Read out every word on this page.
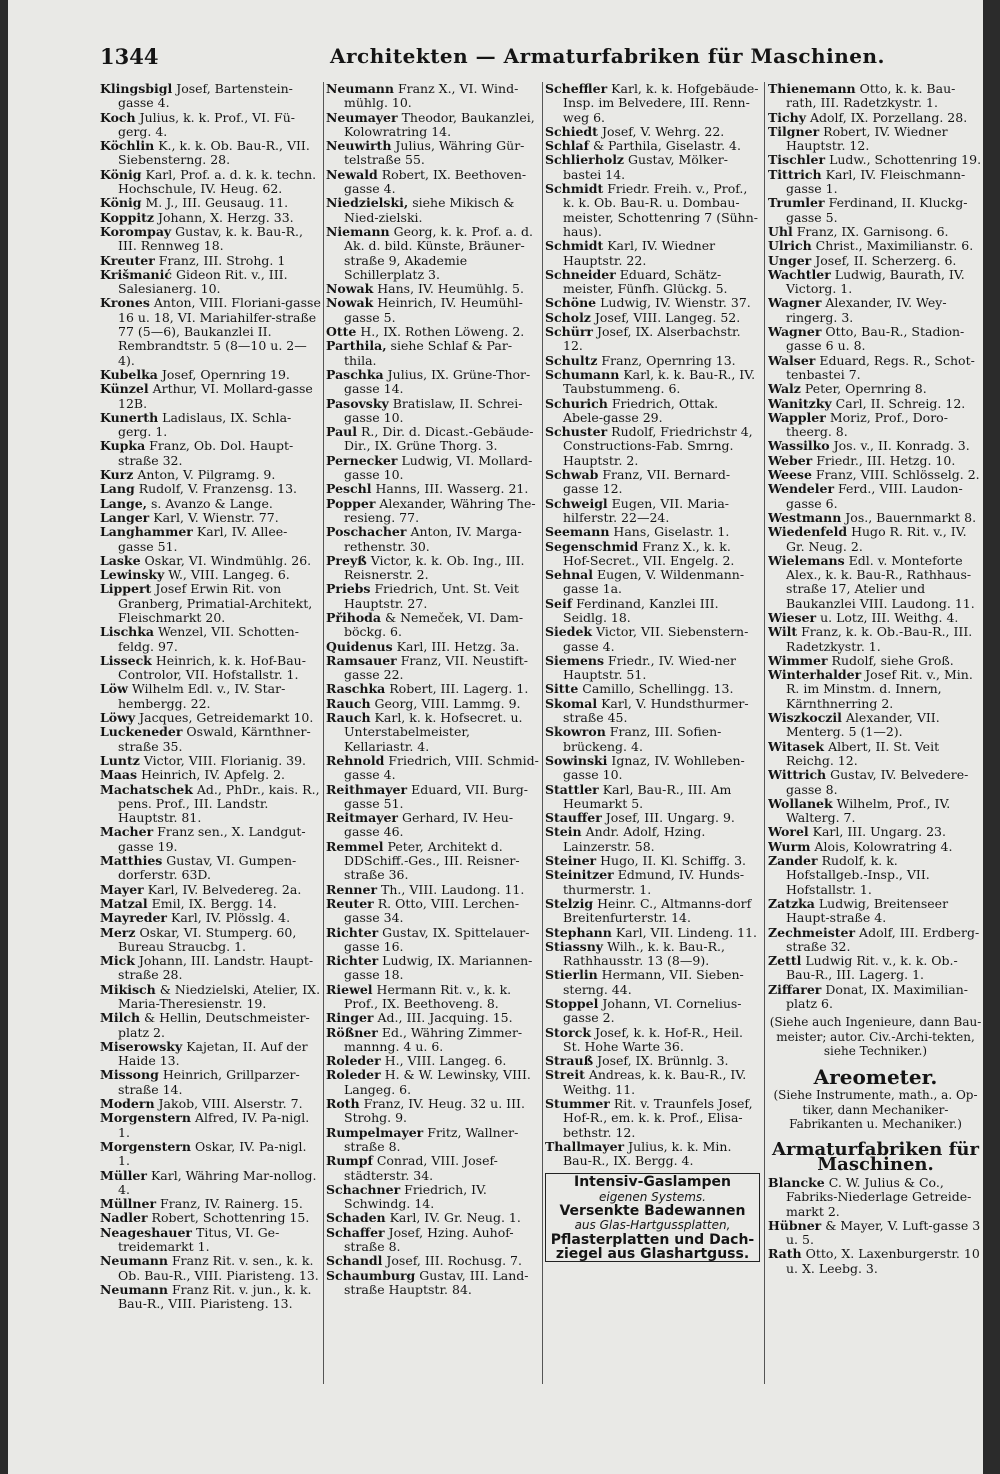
1344	Architekten — Armaturfabriken für Maschinen.

Klingsbigl Josef, Bartenstein-gasse 4.

Koch Julius, k. k. Prof., VI. Fü-gerg. 4.

Köchlin K., k. k. Ob. Bau-R., VII. Siebensterng. 28.

König Karl, Prof. a. d. k. k. techn. Hochschule, IV. Heug. 62.

König M. J., III. Geusaug. 11.

Koppitz Johann, X. Herzg. 33.

Korompay Gustav, k. k. Bau-R., III. Rennweg 18.

Kreuter Franz, III. Strohg. 1

Krišmanić Gideon Rit. v., III. Salesianerg. 10.

Krones Anton, VIII. Floriani-gasse 16 u. 18, VI. Mariahilfer-straße 77 (5—6), Baukanzlei II. Rembrandtstr. 5 (8—10 u. 2—4).

Kubelka Josef, Opernring 19.

Künzel Arthur, VI. Mollard-gasse 12B.

Kunerth Ladislaus, IX. Schla-gerg. 1.

Kupka Franz, Ob. Dol. Haupt-straße 32.

Kurz Anton, V. Pilgramg. 9.

Lang Rudolf, V. Franzensg. 13.

Lange, s. Avanzo & Lange.

Langer Karl, V. Wienstr. 77.

Langhammer Karl, IV. Allee-gasse 51.

Laske Oskar, VI. Windmühlg. 26.

Lewinsky W., VIII. Langeg. 6.

Lippert Josef Erwin Rit. von Granberg, Primatial-Architekt, Fleischmarkt 20.

Lischka Wenzel, VII. Schotten-feldg. 97.

Lisseck Heinrich, k. k. Hof-Bau-Controlor, VII. Hofstallstr. 1.

Löw Wilhelm Edl. v., IV. Star-hembergg. 22.

Löwy Jacques, Getreidemarkt 10.

Luckeneder Oswald, Kärnthner-straße 35.

Luntz Victor, VIII. Florianig. 39.

Maas Heinrich, IV. Apfelg. 2.

Machatschek Ad., PhDr., kais. R., pens. Prof., III. Landstr. Hauptstr. 81.

Macher Franz sen., X. Landgut-gasse 19.

Matthies Gustav, VI. Gumpen-dorferstr. 63D.

Mayer Karl, IV. Belvedereg. 2a.

Matzal Emil, IX. Bergg. 14.

Mayreder Karl, IV. Plösslg. 4.

Merz Oskar, VI. Stumperg. 60, Bureau Straucbg. 1.

Mick Johann, III. Landstr. Haupt-straße 28.

Mikisch & Niedzielski, Atelier, IX. Maria-Theresienstr. 19.

Milch & Hellin, Deutschmeister-platz 2.

Miserowsky Kajetan, II. Auf der Haide 13.

Missong Heinrich, Grillparzer-straße 14.

Modern Jakob, VIII. Alserstr. 7.

Morgenstern Alfred, IV. Pa-nigl. 1.

Morgenstern Oskar, IV. Pa-nigl. 1.

Müller Karl, Währing Mar-nollog. 4.

Müllner Franz, IV. Rainerg. 15.

Nadler Robert, Schottenring 15.

Neageshauer Titus, VI. Ge-treidemarkt 1.

Neumann Franz Rit. v. sen., k. k. Ob. Bau-R., VIII. Piaristeng. 13.

Neumann Franz Rit. v. jun., k. k. Bau-R., VIII. Piaristeng. 13.

Neumann Franz X., VI. Wind-mühlg. 10.

Neumayer Theodor, Baukanzlei, Kolowratring 14.

Neuwirth Julius, Währing Gür-telstraße 55.

Newald Robert, IX. Beethoven-gasse 4.

Niedzielski, siehe Mikisch & Nied-zielski.

Niemann Georg, k. k. Prof. a. d. Ak. d. bild. Künste, Bräuner-straße 9, Akademie Schillerplatz 3.

Nowak Hans, IV. Heumühlg. 5.

Nowak Heinrich, IV. Heumühl-gasse 5.

Otte H., IX. Rothen Löweng. 2.

Parthila, siehe Schlaf & Par-thila.

Paschka Julius, IX. Grüne-Thor-gasse 14.

Pasovsky Bratislaw, II. Schrei-gasse 10.

Paul R., Dir. d. Dicast.-Gebäude-Dir., IX. Grüne Thorg. 3.

Pernecker Ludwig, VI. Mollard-gasse 10.

Peschl Hanns, III. Wasserg. 21.

Popper Alexander, Währing The-resieng. 77.

Poschacher Anton, IV. Marga-rethenstr. 30.

Preyß Victor, k. k. Ob. Ing., III. Reisnerstr. 2.

Priebs Friedrich, Unt. St. Veit Hauptstr. 27.

Přihoda & Nemeček, VI. Dam-böckg. 6.

Quidenus Karl, III. Hetzg. 3a.

Ramsauer Franz, VII. Neustift-gasse 22.

Raschka Robert, III. Lagerg. 1.

Rauch Georg, VIII. Lammg. 9.

Rauch Karl, k. k. Hofsecret. u. Unterstabelmeister, Kellariastr. 4.

Rehnold Friedrich, VIII. Schmid-gasse 4.

Reithmayer Eduard, VII. Burg-gasse 51.

Reitmayer Gerhard, IV. Heu-gasse 46.

Remmel Peter, Architekt d. DDSchiff.-Ges., III. Reisner-straße 36.

Renner Th., VIII. Laudong. 11.

Reuter R. Otto, VIII. Lerchen-gasse 34.

Richter Gustav, IX. Spittelauer-gasse 16.

Richter Ludwig, IX. Mariannen-gasse 18.

Riewel Hermann Rit. v., k. k. Prof., IX. Beethoveng. 8.

Ringer Ad., III. Jacquing. 15.

Rößner Ed., Währing Zimmer-mannng. 4 u. 6.

Roleder H., VIII. Langeg. 6.

Roleder H. & W. Lewinsky, VIII. Langeg. 6.

Roth Franz, IV. Heug. 32 u. III. Strohg. 9.

Rumpelmayer Fritz, Wallner-straße 8.

Rumpf Conrad, VIII. Josef-städterstr. 34.

Schachner Friedrich, IV. Schwindg. 14.

Schaden Karl, IV. Gr. Neug. 1.

Schaffer Josef, Hzing. Auhof-straße 8.

Schandl Josef, III. Rochusg. 7.

Schaumburg Gustav, III. Land-straße Hauptstr. 84.

Scheffler Karl, k. k. Hofgebäude-Insp. im Belvedere, III. Renn-weg 6.

Schiedt Josef, V. Wehrg. 22.

Schlaf & Parthila, Giselastr. 4.

Schlierholz Gustav, Mölker-bastei 14.

Schmidt Friedr. Freih. v., Prof., k. k. Ob. Bau-R. u. Dombau-meister, Schottenring 7 (Sühn-haus).

Schmidt Karl, IV. Wiedner Hauptstr. 22.

Schneider Eduard, Schätz-meister, Fünfh. Glückg. 5.

Schöne Ludwig, IV. Wienstr. 37.

Scholz Josef, VIII. Langeg. 52.

Schürr Josef, IX. Alserbachstr. 12.

Schultz Franz, Opernring 13.

Schumann Karl, k. k. Bau-R., IV. Taubstummeng. 6.

Schurich Friedrich, Ottak. Abele-gasse 29.

Schuster Rudolf, Friedrichstr 4, Constructions-Fab. Smrng. Hauptstr. 2.

Schwab Franz, VII. Bernard-gasse 12.

Schweigl Eugen, VII. Maria-hilferstr. 22—24.

Seemann Hans, Giselastr. 1.

Segenschmid Franz X., k. k. Hof-Secret., VII. Engelg. 2.

Sehnal Eugen, V. Wildenmann-gasse 1a.

Seif Ferdinand, Kanzlei III. Seidlg. 18.

Siedek Victor, VII. Siebenstern-gasse 4.

Siemens Friedr., IV. Wied-ner Hauptstr. 51.

Sitte Camillo, Schellingg. 13.

Skomal Karl, V. Hundsthurmer-straße 45.

Skowron Franz, III. Sofien-brückeng. 4.

Sowinski Ignaz, IV. Wohlleben-gasse 10.

Stattler Karl, Bau-R., III. Am Heumarkt 5.

Stauffer Josef, III. Ungarg. 9.

Stein Andr. Adolf, Hzing. Lainzerstr. 58.

Steiner Hugo, II. Kl. Schiffg. 3.

Steinitzer Edmund, IV. Hunds-thurmerstr. 1.

Stelzig Heinr. C., Altmanns-dorf Breitenfurterstr. 14.

Stephann Karl, VII. Lindeng. 11.

Stiassny Wilh., k. k. Bau-R., Rathhausstr. 13 (8—9).

Stierlin Hermann, VII. Sieben-sterng. 44.

Stoppel Johann, VI. Cornelius-gasse 2.

Storck Josef, k. k. Hof-R., Heil. St. Hohe Warte 36.

Strauß Josef, IX. Brünnlg. 3.

Streit Andreas, k. k. Bau-R., IV. Weithg. 11.

Stummer Rit. v. Traunfels Josef, Hof-R., em. k. k. Prof., Elisa-bethstr. 12.

Thallmayer Julius, k. k. Min. Bau-R., IX. Bergg. 4.

Intensiv-Gaslampen
eigenen Systems.
Versenkte Badewannen
aus Glas-Hartgussplatten,
Pflasterplatten und Dach-
ziegel aus Glashartguss.

Thienemann Otto, k. k. Bau-rath, III. Radetzkystr. 1.

Tichy Adolf, IX. Porzellang. 28.

Tilgner Robert, IV. Wiedner Hauptstr. 12.

Tischler Ludw., Schottenring 19.

Tittrich Karl, IV. Fleischmann-gasse 1.

Trumler Ferdinand, II. Kluckg-gasse 5.

Uhl Franz, IX. Garnisong. 6.

Ulrich Christ., Maximilianstr. 6.

Unger Josef, II. Scherzerg. 6.

Wachtler Ludwig, Baurath, IV. Victorg. 1.

Wagner Alexander, IV. Wey-ringerg. 3.

Wagner Otto, Bau-R., Stadion-gasse 6 u. 8.

Walser Eduard, Regs. R., Schot-tenbastei 7.

Walz Peter, Opernring 8.

Wanitzky Carl, II. Schreig. 12.

Wappler Moriz, Prof., Doro-theerg. 8.

Wassilko Jos. v., II. Konradg. 3.

Weber Friedr., III. Hetzg. 10.

Weese Franz, VIII. Schlösselg. 2.

Wendeler Ferd., VIII. Laudon-gasse 6.

Westmann Jos., Bauernmarkt 8.

Wiedenfeld Hugo R. Rit. v., IV. Gr. Neug. 2.

Wielemans Edl. v. Monteforte Alex., k. k. Bau-R., Rathhaus-straße 17, Atelier und Baukanzlei VIII. Laudong. 11.

Wieser u. Lotz, III. Weithg. 4.

Wilt Franz, k. k. Ob.-Bau-R., III. Radetzkystr. 1.

Wimmer Rudolf, siehe Groß.

Winterhalder Josef Rit. v., Min. R. im Minstm. d. Innern, Kärnthnerring 2.

Wiszkoczil Alexander, VII. Menterg. 5 (1—2).

Witasek Albert, II. St. Veit Reichg. 12.

Wittrich Gustav, IV. Belvedere-gasse 8.

Wollanek Wilhelm, Prof., IV. Walterg. 7.

Worel Karl, III. Ungarg. 23.

Wurm Alois, Kolowratring 4.

Zander Rudolf, k. k. Hofstallgeb.-Insp., VII. Hofstallstr. 1.

Zatzka Ludwig, Breitenseer Haupt-straße 4.

Zechmeister Adolf, III. Erdberg-straße 32.

Zettl Ludwig Rit. v., k. k. Ob.-Bau-R., III. Lagerg. 1.

Ziffarer Donat, IX. Maximilian-platz 6.

(Siehe auch Ingenieure, dann Bau-meister; autor. Civ.-Archi-tekten, siehe Techniker.)

Areometer.

(Siehe Instrumente, math., a. Op-tiker, dann Mechaniker-Fabrikanten u. Mechaniker.)

Armaturfabriken für Maschinen.

Blancke C. W. Julius & Co., Fabriks-Niederlage Getreide-markt 2.

Hübner & Mayer, V. Luft-gasse 3 u. 5.

Rath Otto, X. Laxenburgerstr. 10 u. X. Leebg. 3.
